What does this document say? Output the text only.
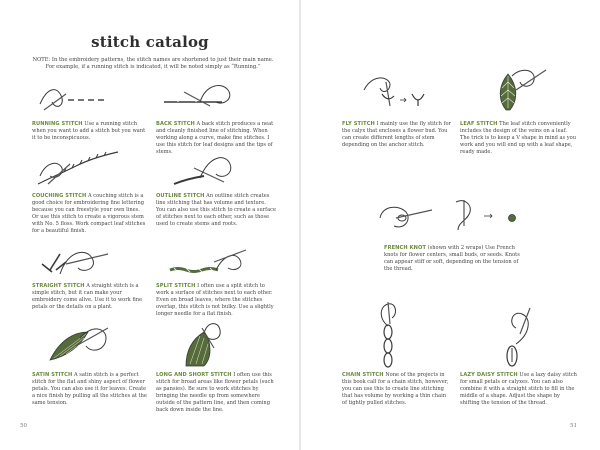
stitch catalog
NOTE: In the embroidery patterns, the stitch names are shortened to just their main name. For example, if a running stitch is indicated, it will be noted simply as “Running.”
RUNNING STITCH Use a running stitch when you want to add a stitch but you want it to be inconspicuous.
BACK STITCH A back stitch produces a neat and cleanly finished line of stitching. When working along a curve, make fine stitches. I use this stitch for leaf designs and the tips of stems.
COUCHING STITCH A couching stitch is a good choice for embroidering fine lettering because you can freestyle your own lines. Or use this stitch to create a vigorous stem with No. 5 floss. Work compact leaf stitches for a beautiful finish.
OUTLINE STITCH An outline stitch creates line stitching that has volume and texture. You can also use this stitch to create a surface of stitches next to each other, such as those used to create stems and roots.
STRAIGHT STITCH A straight stitch is a simple stitch, but it can make your embroidery come alive. Use it to work fine petals or the details on a plant.
SPLIT STITCH I often use a split stitch to work a surface of stitches next to each other. Even on broad leaves, where the stitches overlap, this stitch is not bulky. Use a slightly longer needle for a flat finish.
SATIN STITCH A satin stitch is a perfect stitch for the flat and shiny aspect of flower petals. You can also use it for leaves. Create a nice finish by pulling all the stitches at the same tension.
LONG AND SHORT STITCH I often use this stitch for broad areas like flower petals (such as pansies). Be sure to work stitches by bringing the needle up from somewhere outside of the pattern line, and then coming back down inside the line.
50
FLY STITCH I mainly use the fly stitch for the calyx that encloses a flower bud. You can create different lengths of stem depending on the anchor stitch.
LEAF STITCH The leaf stitch conveniently includes the design of the veins on a leaf. The trick is to keep a V shape in mind as you work and you will end up with a leaf shape, ready made.
FRENCH KNOT (shown with 2 wraps) Use French knots for flower centers, small buds, or seeds. Knots can appear stiff or soft, depending on the tension of the thread.
CHAIN STITCH None of the projects in this book call for a chain stitch, however, you can use this to create line stitching that has volume by working a thin chain of tightly pulled stitches.
LAZY DAISY STITCH Use a lazy daisy stitch for small petals or calyxes. You can also combine it with a straight stitch to fill in the middle of a shape. Adjust the shape by shifting the tension of the thread.
51
